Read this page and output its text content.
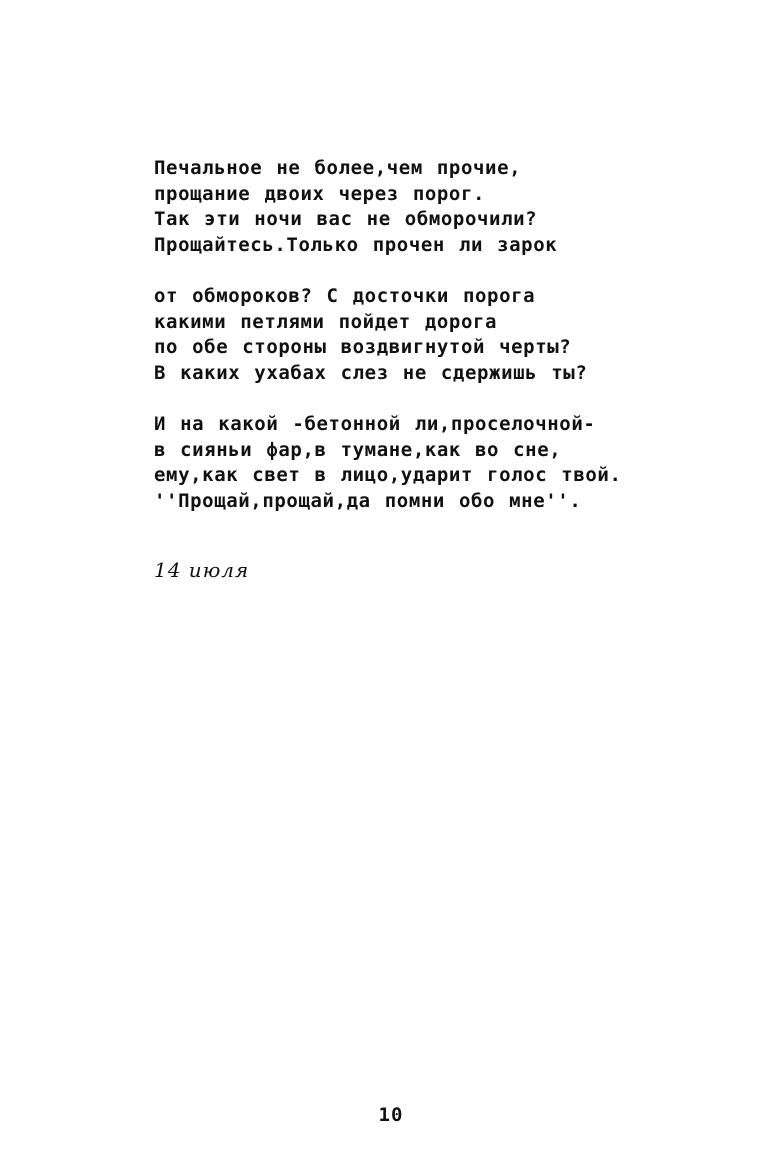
Печальное не более,чем прочие,
прощание двоих через порог.
Так эти ночи вас не обморочили?
Прощайтесь.Только прочен ли зарок
от обмороков? С досточки порога
какими петлями пойдет дорога
по обе стороны воздвигнутой черты?
В каких ухабах слез не сдержишь ты?
И на какой -бетонной ли,проселочной-
в сияньи фар,в тумане,как во сне,
ему,как свет в лицо,ударит голос твой.
''Прощай,прощай,да помни обо мне''.
14 июля
10
